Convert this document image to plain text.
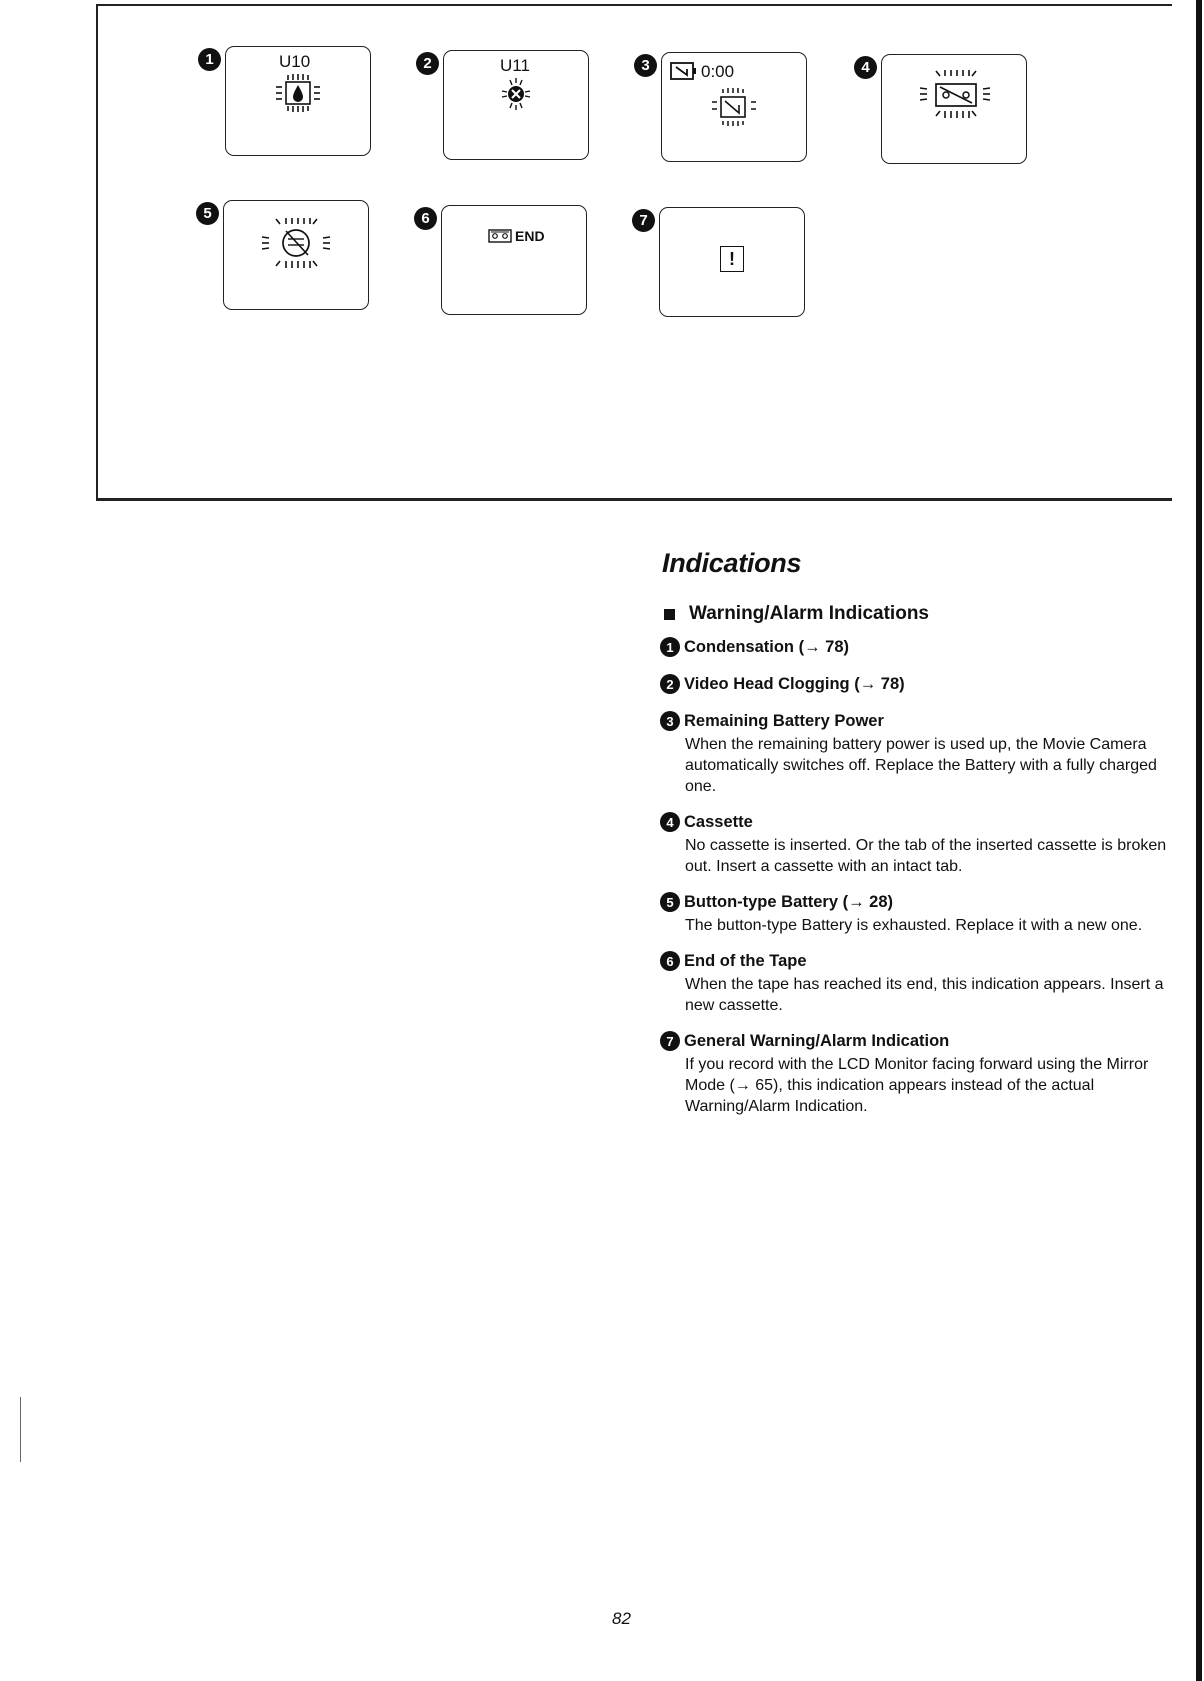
1	U10	2	U11	3	0:00	4
5	6
END
7
!
Indications
Warning/Alarm Indications
1 Condensation (→ 78)
2 Video Head Clogging (→ 78)
3 Remaining Battery Power
When the remaining battery power is used up, the Movie Camera automatically switches off. Replace the Battery with a fully charged one.
4 Cassette
No cassette is inserted. Or the tab of the inserted cassette is broken out. Insert a cassette with an intact tab.
5 Button-type Battery (→ 28)
The button-type Battery is exhausted. Replace it with a new one.
6 End of the Tape
When the tape has reached its end, this indication appears. Insert a new cassette.
7 General Warning/Alarm Indication
If you record with the LCD Monitor facing forward using the Mirror Mode (→ 65), this indication appears instead of the actual Warning/Alarm Indication.
82
